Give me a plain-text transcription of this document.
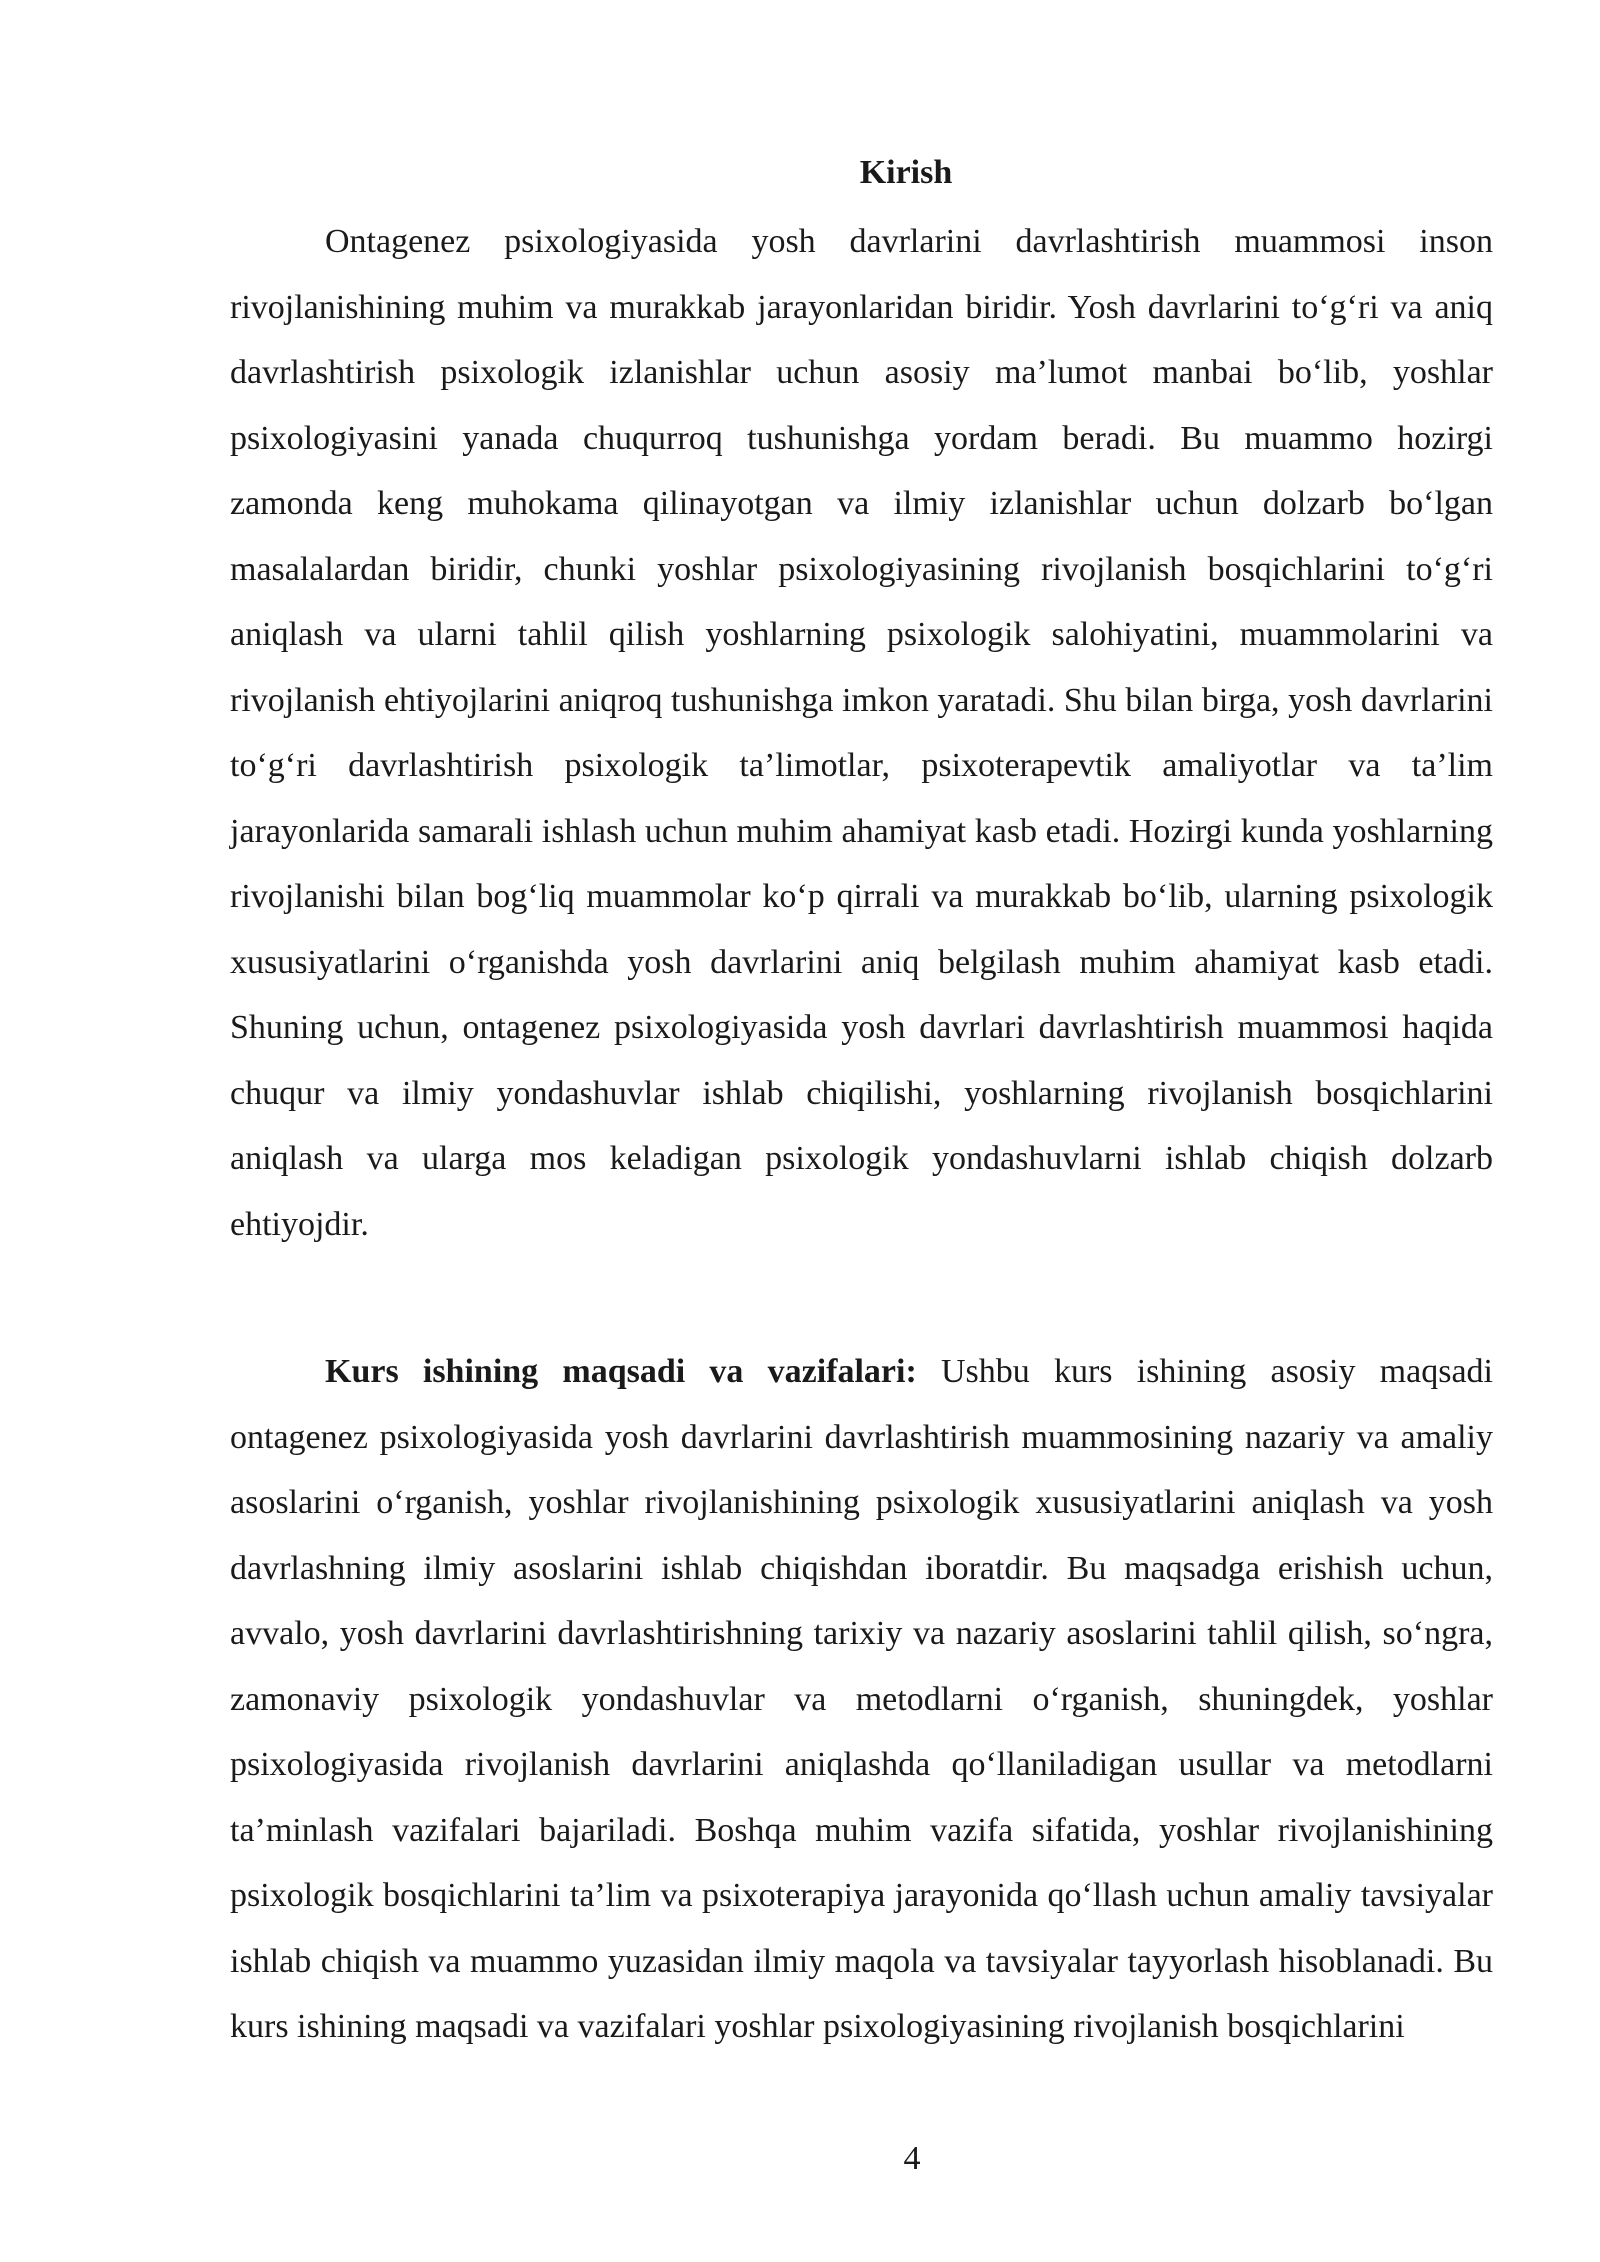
Kirish

Ontagenez psixologiyasida yosh davrlarini davrlashtirish muammosi inson rivojlanishining muhim va murakkab jarayonlaridan biridir. Yosh davrlarini to‘g‘ri va aniq davrlashtirish psixologik izlanishlar uchun asosiy ma’lumot manbai bo‘lib, yoshlar psixologiyasini yanada chuqurroq tushunishga yordam beradi. Bu muammo hozirgi zamonda keng muhokama qilinayotgan va ilmiy izlanishlar uchun dolzarb bo‘lgan masalalardan biridir, chunki yoshlar psixologiyasining rivojlanish bosqichlarini to‘g‘ri aniqlash va ularni tahlil qilish yoshlarning psixologik salohiyatini, muammolarini va rivojlanish ehtiyojlarini aniqroq tushunishga imkon yaratadi. Shu bilan birga, yosh davrlarini to‘g‘ri davrlashtirish psixologik ta’limotlar, psixoterapevtik amaliyotlar va ta’lim jarayonlarida samarali ishlash uchun muhim ahamiyat kasb etadi. Hozirgi kunda yoshlarning rivojlanishi bilan bog‘liq muammolar ko‘p qirrali va murakkab bo‘lib, ularning psixologik xususiyatlarini o‘rganishda yosh davrlarini aniq belgilash muhim ahamiyat kasb etadi. Shuning uchun, ontagenez psixologiyasida yosh davrlari davrlashtirish muammosi haqida chuqur va ilmiy yondashuvlar ishlab chiqilishi, yoshlarning rivojlanish bosqichlarini aniqlash va ularga mos keladigan psixologik yondashuvlarni ishlab chiqish dolzarb ehtiyojdir.

Kurs ishining maqsadi va vazifalari: Ushbu kurs ishining asosiy maqsadi ontagenez psixologiyasida yosh davrlarini davrlashtirish muammosining nazariy va amaliy asoslarini o‘rganish, yoshlar rivojlanishining psixologik xususiyatlarini aniqlash va yosh davrlashning ilmiy asoslarini ishlab chiqishdan iboratdir. Bu maqsadga erishish uchun, avvalo, yosh davrlarini davrlashtirishning tarixiy va nazariy asoslarini tahlil qilish, so‘ngra, zamonaviy psixologik yondashuvlar va metodlarni o‘rganish, shuningdek, yoshlar psixologiyasida rivojlanish davrlarini aniqlashda qo‘llaniladigan usullar va metodlarni ta’minlash vazifalari bajariladi. Boshqa muhim vazifa sifatida, yoshlar rivojlanishining psixologik bosqichlarini ta’lim va psixoterapiya jarayonida qo‘llash uchun amaliy tavsiyalar ishlab chiqish va muammo yuzasidan ilmiy maqola va tavsiyalar tayyorlash hisoblanadi. Bu kurs ishining maqsadi va vazifalari yoshlar psixologiyasining rivojlanish bosqichlarini

4
